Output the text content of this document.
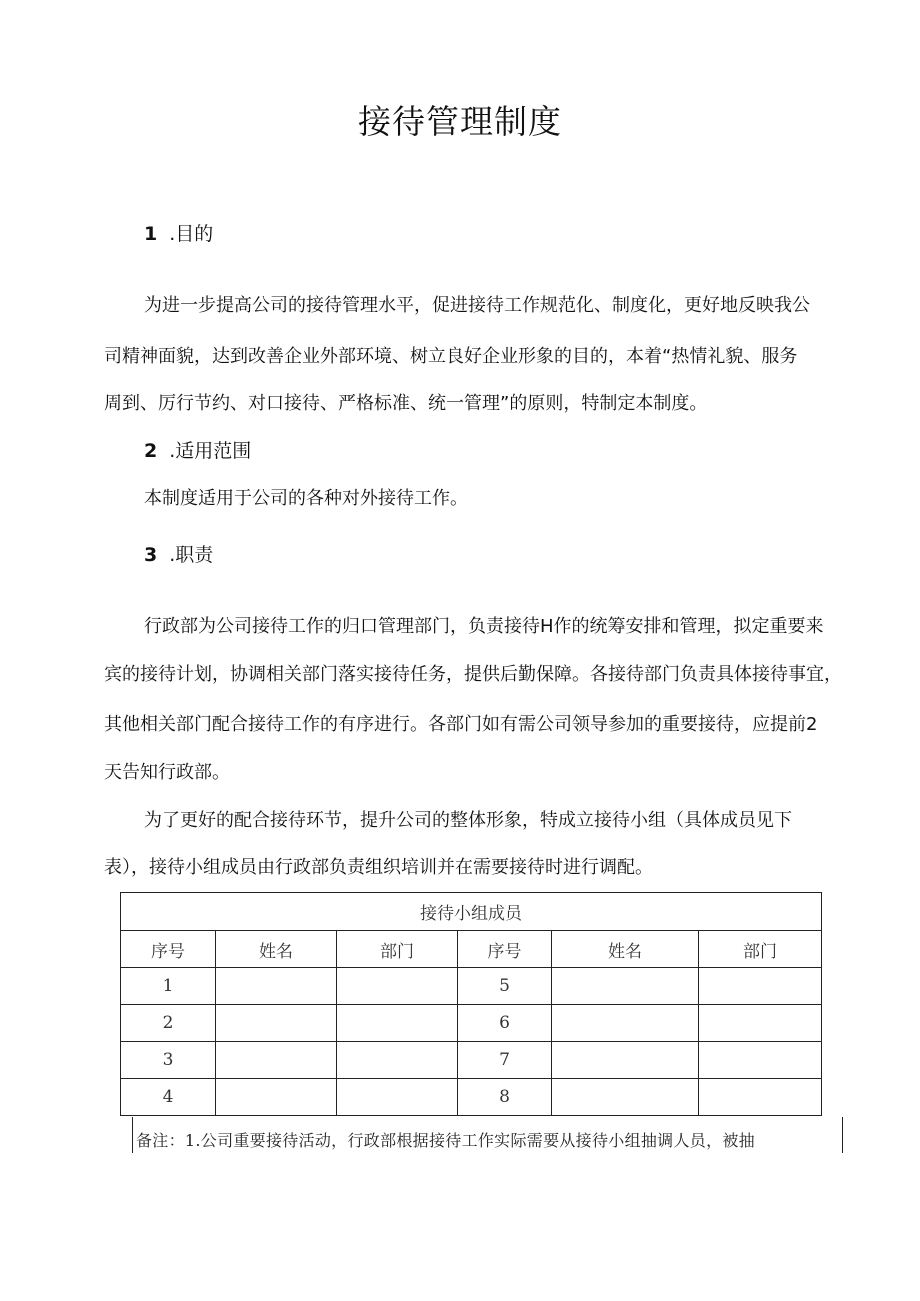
接待管理制度
1 .目的
为进一步提高公司的接待管理水平，促进接待工作规范化、制度化，更好地反映我公
司精神面貌，达到改善企业外部环境、树立良好企业形象的目的，本着“热情礼貌、服务
周到、厉行节约、对口接待、严格标准、统一管理”的原则，特制定本制度。
2 .适用范围
本制度适用于公司的各种对外接待工作。
3 .职责
行政部为公司接待工作的归口管理部门，负责接待H作的统筹安排和管理，拟定重要来
宾的接待计划，协调相关部门落实接待任务，提供后勤保障。各接待部门负责具体接待事宜，
其他相关部门配合接待工作的有序进行。各部门如有需公司领导参加的重要接待，应提前2
天告知行政部。
为了更好的配合接待环节，提升公司的整体形象，特成立接待小组（具体成员见下
表），接待小组成员由行政部负责组织培训并在需要接待时进行调配。
接待小组成员					
序号	姓名	部门	序号	姓名	部门
1			5		
2			6		
3			7		
4			8		
备注：1.公司重要接待活动，行政部根据接待工作实际需要从接待小组抽调人员，被抽
